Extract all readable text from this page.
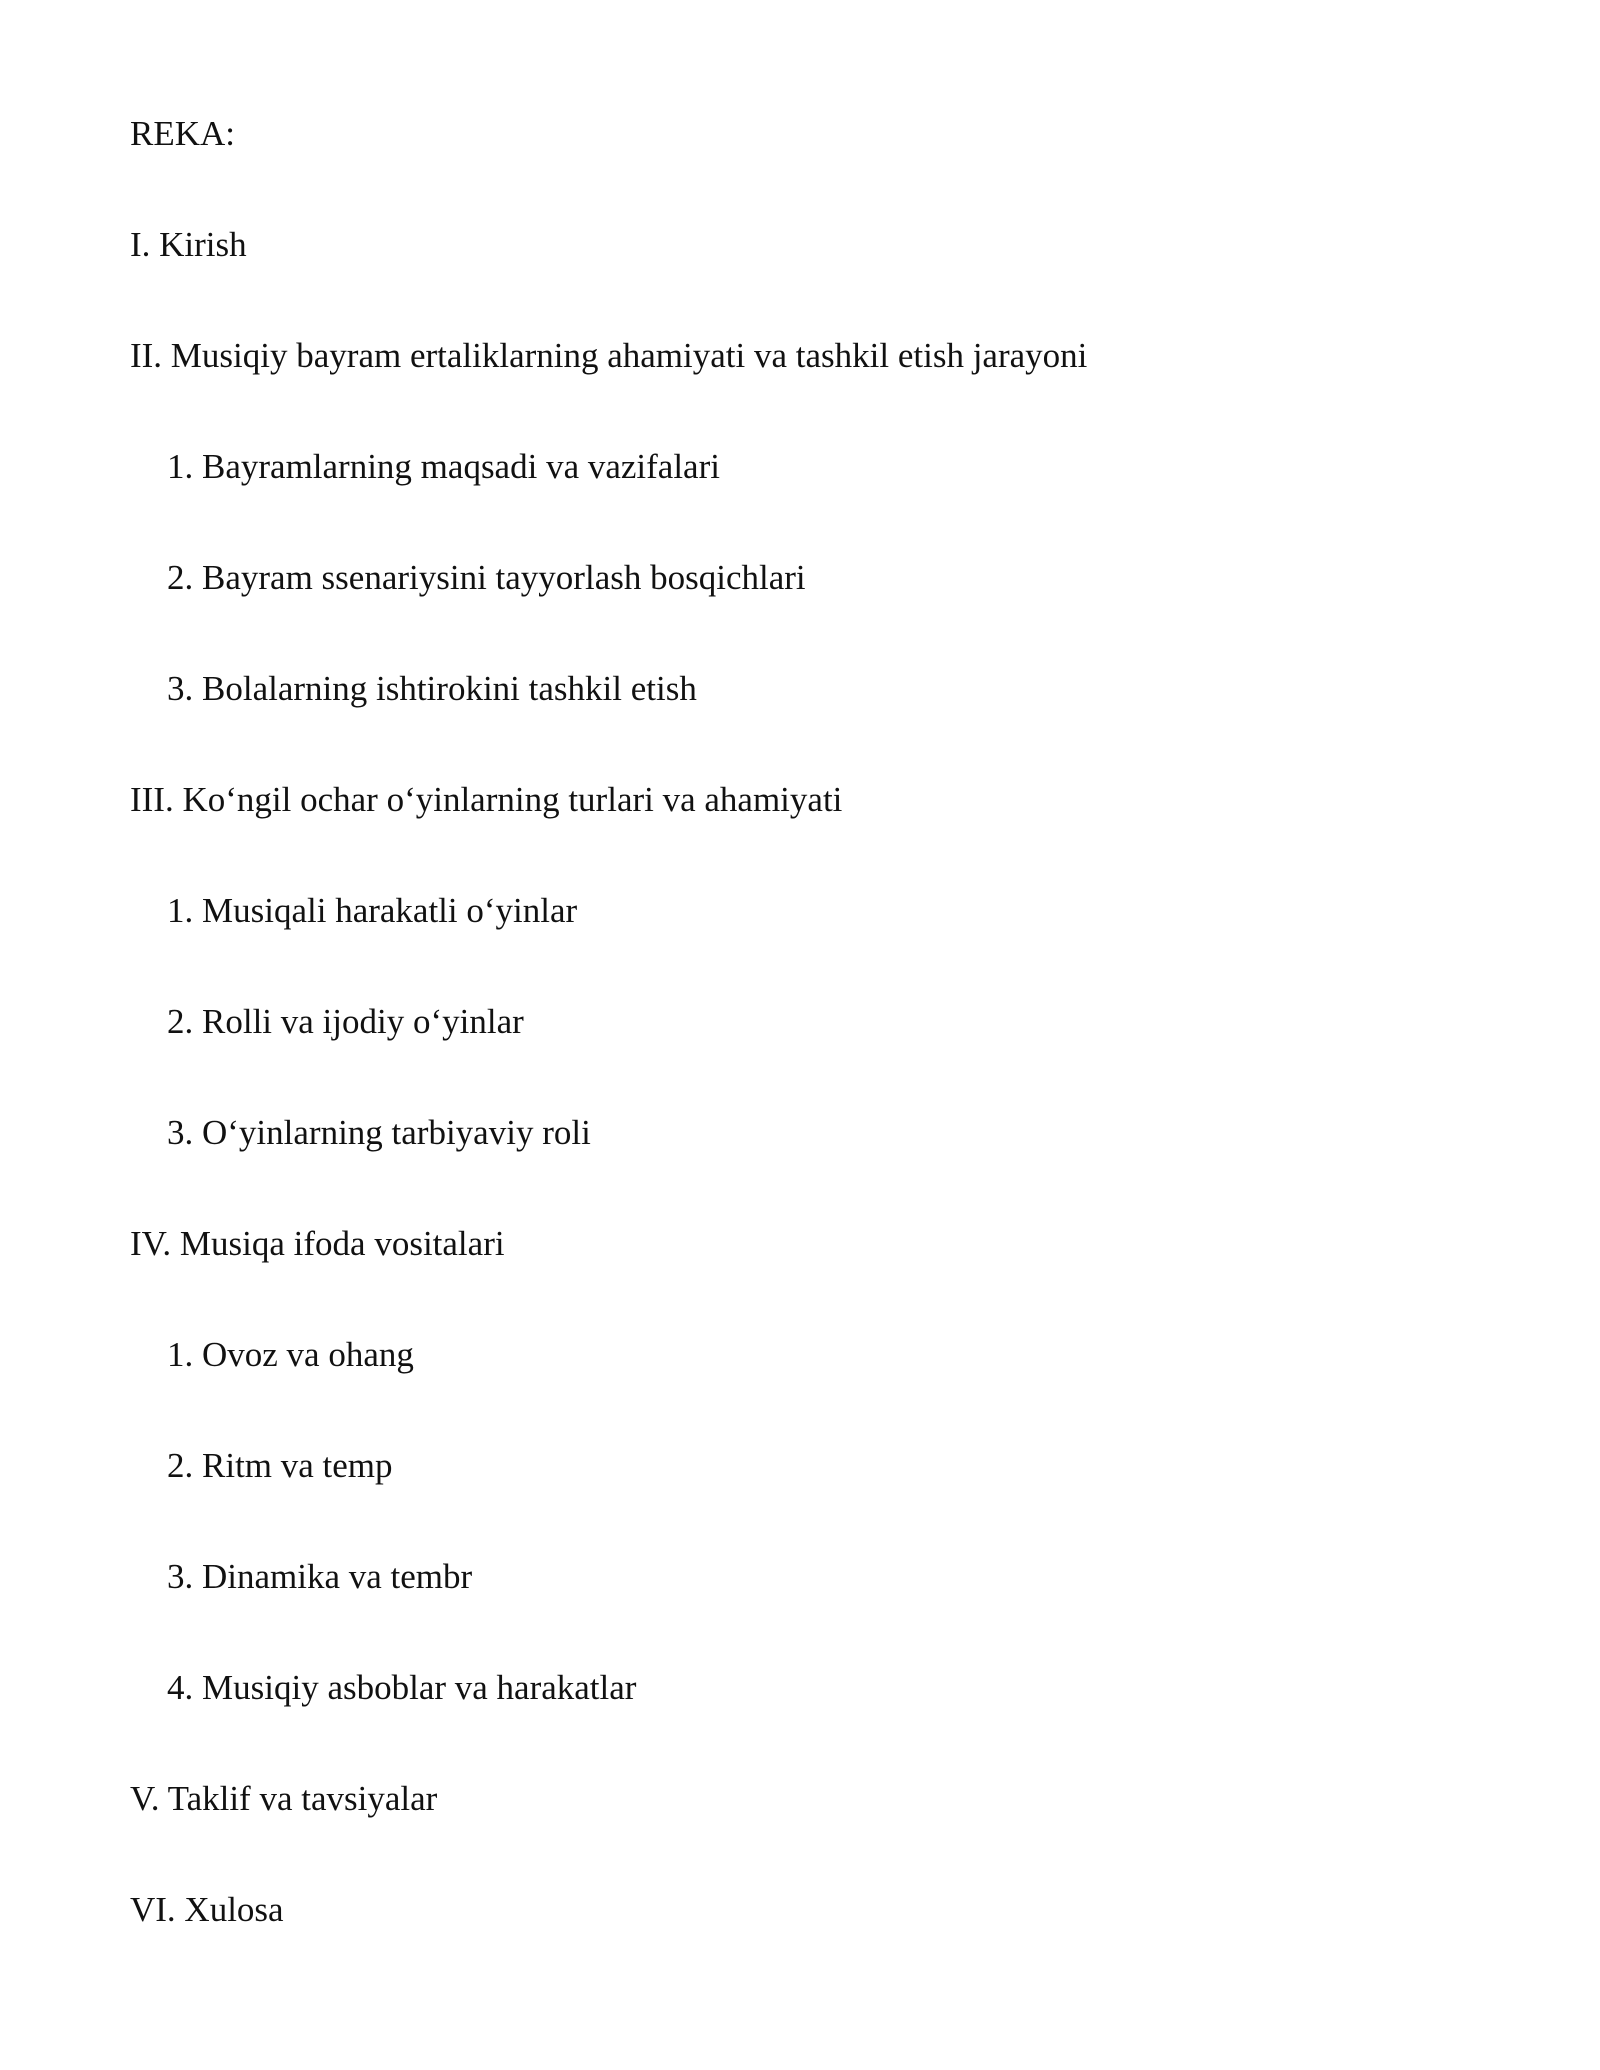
REKA:

I. Kirish

II. Musiqiy bayram ertaliklarning ahamiyati va tashkil etish jarayoni

1. Bayramlarning maqsadi va vazifalari

2. Bayram ssenariysini tayyorlash bosqichlari

3. Bolalarning ishtirokini tashkil etish

III. Ko‘ngil ochar o‘yinlarning turlari va ahamiyati

1. Musiqali harakatli o‘yinlar

2. Rolli va ijodiy o‘yinlar

3. O‘yinlarning tarbiyaviy roli

IV. Musiqa ifoda vositalari

1. Ovoz va ohang

2. Ritm va temp

3. Dinamika va tembr

4. Musiqiy asboblar va harakatlar

V. Taklif va tavsiyalar

VI. Xulosa
